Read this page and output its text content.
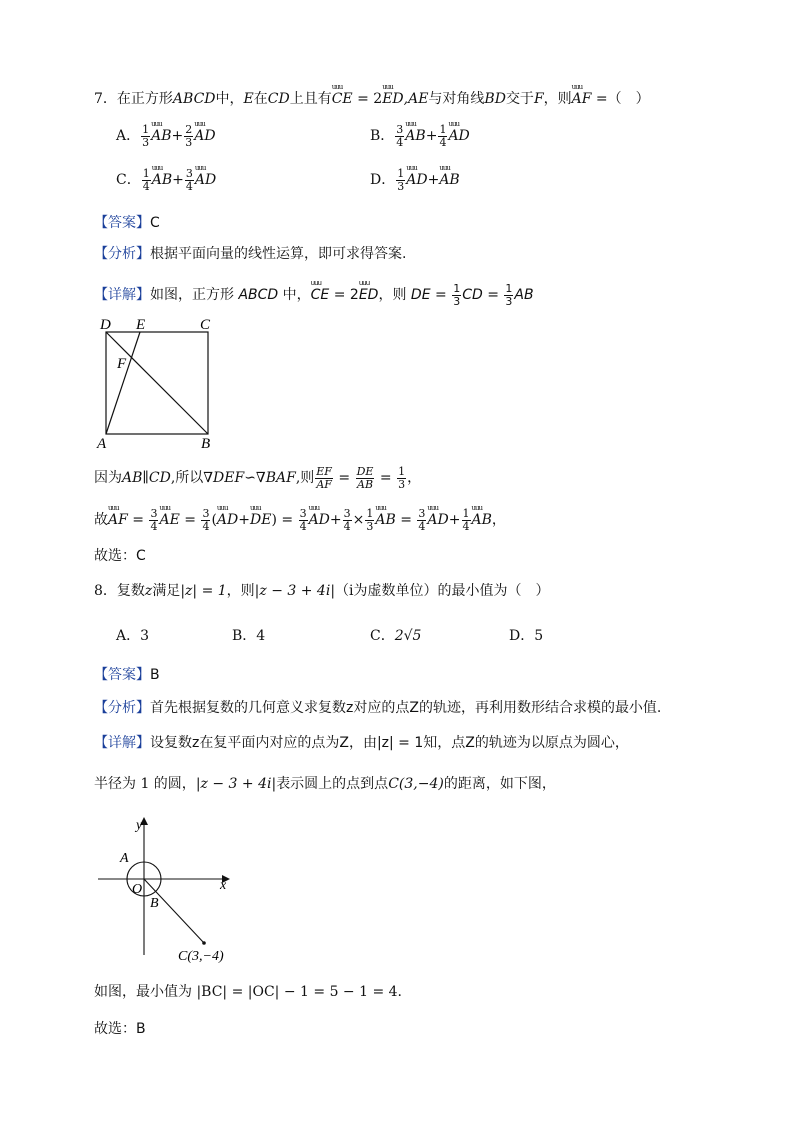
7．在正方形ABCD中，E在CD上且有uuu CE = 2uuu ED,AE与对角线BD交于F，则uuu AF =（　）
A． $\frac{1}{3}$ uuu $AB+ \frac{2}{3}$ uuu AD	B． $\frac{3}{4}$ uuu $AB+ \frac{1}{4}$ uuu AD
C． $\frac{1}{4}$ uuu $AB+ \frac{3}{4}$ uuu AD	D． $\frac{1}{3}$ uuu AD+uuu AB
【答案】C
【分析】根据平面向量的线性运算，即可求得答案.
【详解】如图，正方形 ABCD 中，uuu CE = 2uuu ED，则 DE = $\frac{1}{3}$ CD = $\frac{1}{3}$ AB
D E	C
F
A	B
因为AB∥CD,所以∇DEF∽∇BAF,则 $\frac{EF}{AF} = \frac{DE}{AB} = \frac{1}{3}$ ，
故uuu AF = $\frac{3}{4}$ uuu AE = $\frac{3}{4} (uuu$ AD+uuu $DE) = \frac{3}{4}$ uuu $AD+ \frac{3}{4} \times \frac{1}{3}$ uuu AB = $\frac{3}{4}$ uuu $AD+ \frac{1}{4}$ uuu AB，
故选：C
8．复数z满足|z| = 1，则|z − 3 + 4i|（i为虚数单位）的最小值为（　）
A．3	B．4	C．2√5	D．5
【答案】B
【分析】首先根据复数的几何意义求复数z对应的点Z的轨迹，再利用数形结合求模的最小值.
【详解】设复数z在复平面内对应的点为Z，由|z| = 1知，点Z的轨迹为以原点为圆心，
半径为 1 的圆，|z − 3 + 4i|表示圆上的点到点C(3,−4)的距离，如下图，
y
x
A
O
B
C(3,−4)
如图，最小值为 |BC| = |OC| − 1 = 5 − 1 = 4.
故选：B
